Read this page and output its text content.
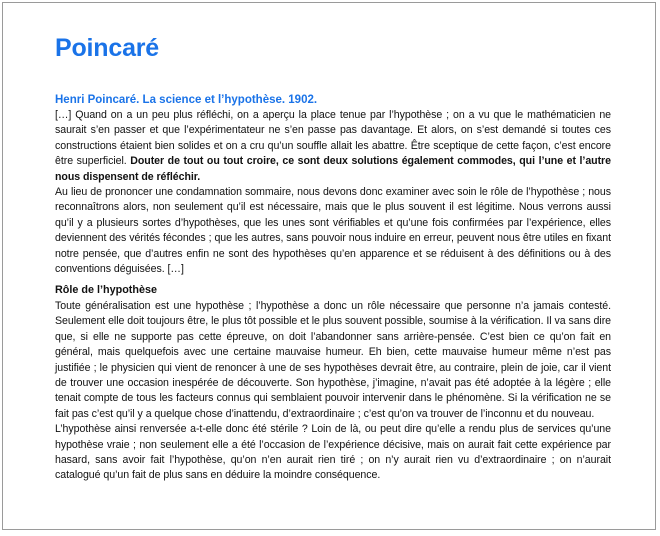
Poincaré
Henri Poincaré. La science et l’hypothèse. 1902.

[…] Quand on a un peu plus réfléchi, on a aperçu la place tenue par l’hypothèse ; on a vu que le mathématicien ne saurait s’en passer et que l’expérimentateur ne s’en passe pas davantage. Et alors, on s’est demandé si toutes ces constructions étaient bien solides et on a cru qu’un souffle allait les abattre. Être sceptique de cette façon, c’est encore être superficiel. Douter de tout ou tout croire, ce sont deux solutions également commodes, qui l’une et l’autre nous dispensent de réfléchir.

Au lieu de prononcer une condamnation sommaire, nous devons donc examiner avec soin le rôle de l’hypothèse ; nous reconnaîtrons alors, non seulement qu’il est nécessaire, mais que le plus souvent il est légitime. Nous verrons aussi qu’il y a plusieurs sortes d’hypothèses, que les unes sont vérifiables et qu’une fois confirmées par l’expérience, elles deviennent des vérités fécondes ; que les autres, sans pouvoir nous induire en erreur, peuvent nous être utiles en fixant notre pensée, que d’autres enfin ne sont des hypothèses qu’en apparence et se réduisent à des définitions ou à des conventions déguisées. […]

Rôle de l’hypothèse

Toute généralisation est une hypothèse ; l’hypothèse a donc un rôle nécessaire que personne n’a jamais contesté. Seulement elle doit toujours être, le plus tôt possible et le plus souvent possible, soumise à la vérification. Il va sans dire que, si elle ne supporte pas cette épreuve, on doit l’abandonner sans arrière-pensée. C’est bien ce qu’on fait en général, mais quelquefois avec une certaine mauvaise humeur. Eh bien, cette mauvaise humeur même n’est pas justifiée ; le physicien qui vient de renoncer à une de ses hypothèses devrait être, au contraire, plein de joie, car il vient de trouver une occasion inespérée de découverte. Son hypothèse, j’imagine, n’avait pas été adoptée à la légère ; elle tenait compte de tous les facteurs connus qui semblaient pouvoir intervenir dans le phénomène. Si la vérification ne se fait pas c’est qu’il y a quelque chose d’inattendu, d’extraordinaire ; c’est qu’on va trouver de l’inconnu et du nouveau.

L’hypothèse ainsi renversée a-t-elle donc été stérile ? Loin de là, ou peut dire qu’elle a rendu plus de services qu’une hypothèse vraie ; non seulement elle a été l’occasion de l’expérience décisive, mais on aurait fait cette expérience par hasard, sans avoir fait l’hypothèse, qu’on n’en aurait rien tiré ; on n’y aurait rien vu d’extraordinaire ; on n’aurait catalogué qu’un fait de plus sans en déduire la moindre conséquence.
